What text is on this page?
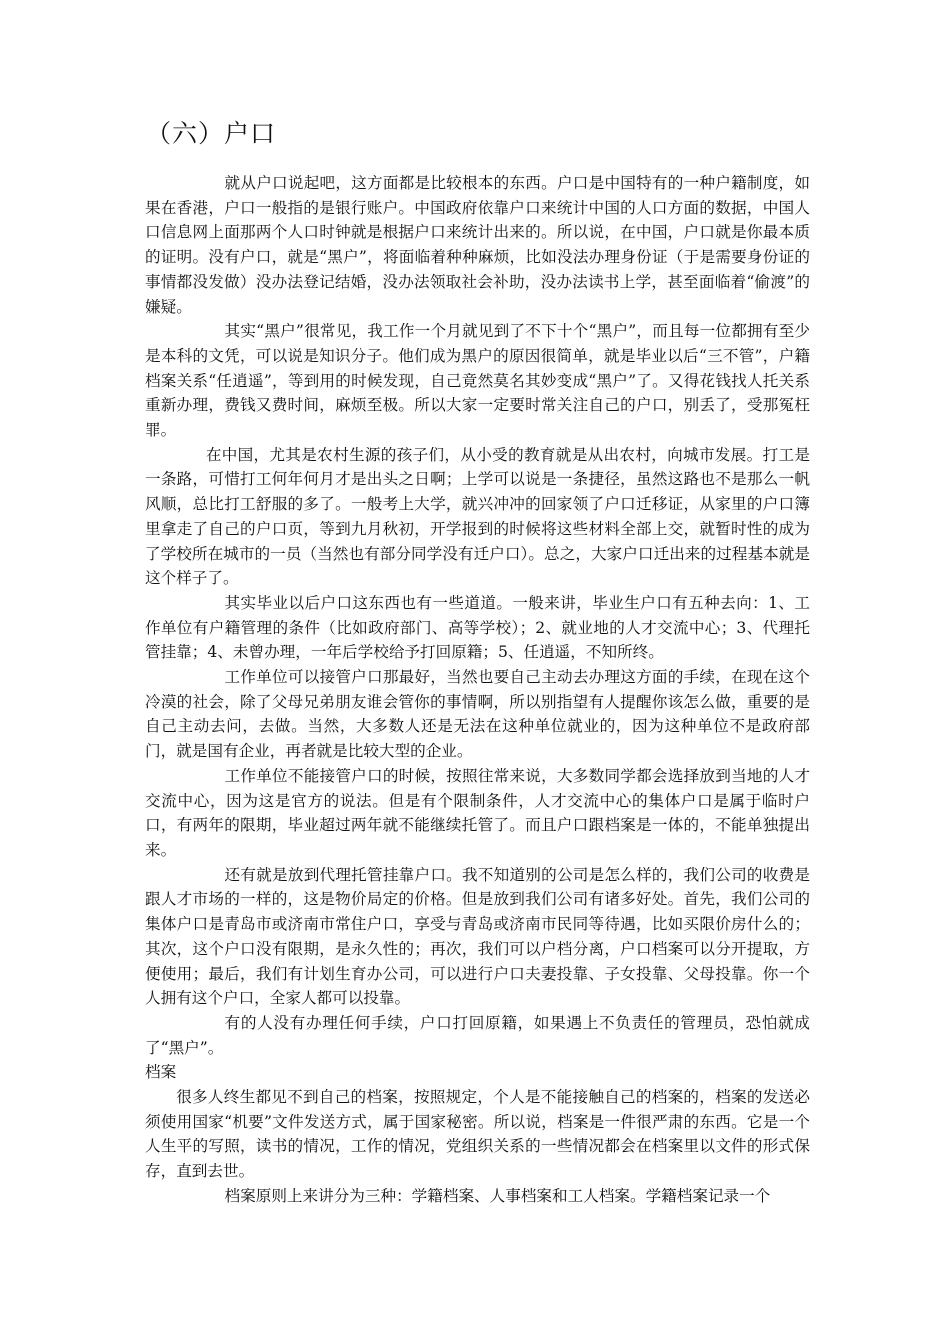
（六）户口

就从户口说起吧，这方面都是比较根本的东西。户口是中国特有的一种户籍制度，如果在香港，户口一般指的是银行账户。中国政府依靠户口来统计中国的人口方面的数据，中国人口信息网上面那两个人口时钟就是根据户口来统计出来的。所以说，在中国，户口就是你最本质的证明。没有户口，就是“黑户”，将面临着种种麻烦，比如没法办理身份证（于是需要身份证的事情都没发做）没办法登记结婚，没办法领取社会补助，没办法读书上学，甚至面临着“偷渡”的嫌疑。

其实“黑户”很常见，我工作一个月就见到了不下十个“黑户”，而且每一位都拥有至少是本科的文凭，可以说是知识分子。他们成为黑户的原因很简单，就是毕业以后“三不管”，户籍档案关系“任逍遥”，等到用的时候发现，自己竟然莫名其妙变成“黑户”了。又得花钱找人托关系重新办理，费钱又费时间，麻烦至极。所以大家一定要时常关注自己的户口，别丢了，受那冤枉罪。

在中国，尤其是农村生源的孩子们，从小受的教育就是从出农村，向城市发展。打工是一条路，可惜打工何年何月才是出头之日啊；上学可以说是一条捷径，虽然这路也不是那么一帆风顺，总比打工舒服的多了。一般考上大学，就兴冲冲的回家领了户口迁移证，从家里的户口簿里拿走了自己的户口页，等到九月秋初，开学报到的时候将这些材料全部上交，就暂时性的成为了学校所在城市的一员（当然也有部分同学没有迁户口）。总之，大家户口迁出来的过程基本就是这个样子了。

其实毕业以后户口这东西也有一些道道。一般来讲，毕业生户口有五种去向：1、工作单位有户籍管理的条件（比如政府部门、高等学校）；2、就业地的人才交流中心；3、代理托管挂靠；4、未曾办理，一年后学校给予打回原籍；5、任逍遥，不知所终。

工作单位可以接管户口那最好，当然也要自己主动去办理这方面的手续，在现在这个冷漠的社会，除了父母兄弟朋友谁会管你的事情啊，所以别指望有人提醒你该怎么做，重要的是自己主动去问，去做。当然，大多数人还是无法在这种单位就业的，因为这种单位不是政府部门，就是国有企业，再者就是比较大型的企业。

工作单位不能接管户口的时候，按照往常来说，大多数同学都会选择放到当地的人才交流中心，因为这是官方的说法。但是有个限制条件，人才交流中心的集体户口是属于临时户口，有两年的限期，毕业超过两年就不能继续托管了。而且户口跟档案是一体的，不能单独提出来。

还有就是放到代理托管挂靠户口。我不知道别的公司是怎么样的，我们公司的收费是跟人才市场的一样的，这是物价局定的价格。但是放到我们公司有诸多好处。首先，我们公司的集体户口是青岛市或济南市常住户口，享受与青岛或济南市民同等待遇，比如买限价房什么的；其次，这个户口没有限期，是永久性的；再次，我们可以户档分离，户口档案可以分开提取，方便使用；最后，我们有计划生育办公司，可以进行户口夫妻投靠、子女投靠、父母投靠。你一个人拥有这个户口，全家人都可以投靠。

有的人没有办理任何手续，户口打回原籍，如果遇上不负责任的管理员，恐怕就成了“黑户”。

档案

很多人终生都见不到自己的档案，按照规定，个人是不能接触自己的档案的，档案的发送必须使用国家“机要”文件发送方式，属于国家秘密。所以说，档案是一件很严肃的东西。它是一个人生平的写照，读书的情况，工作的情况，党组织关系的一些情况都会在档案里以文件的形式保存，直到去世。

档案原则上来讲分为三种：学籍档案、人事档案和工人档案。学籍档案记录一个
